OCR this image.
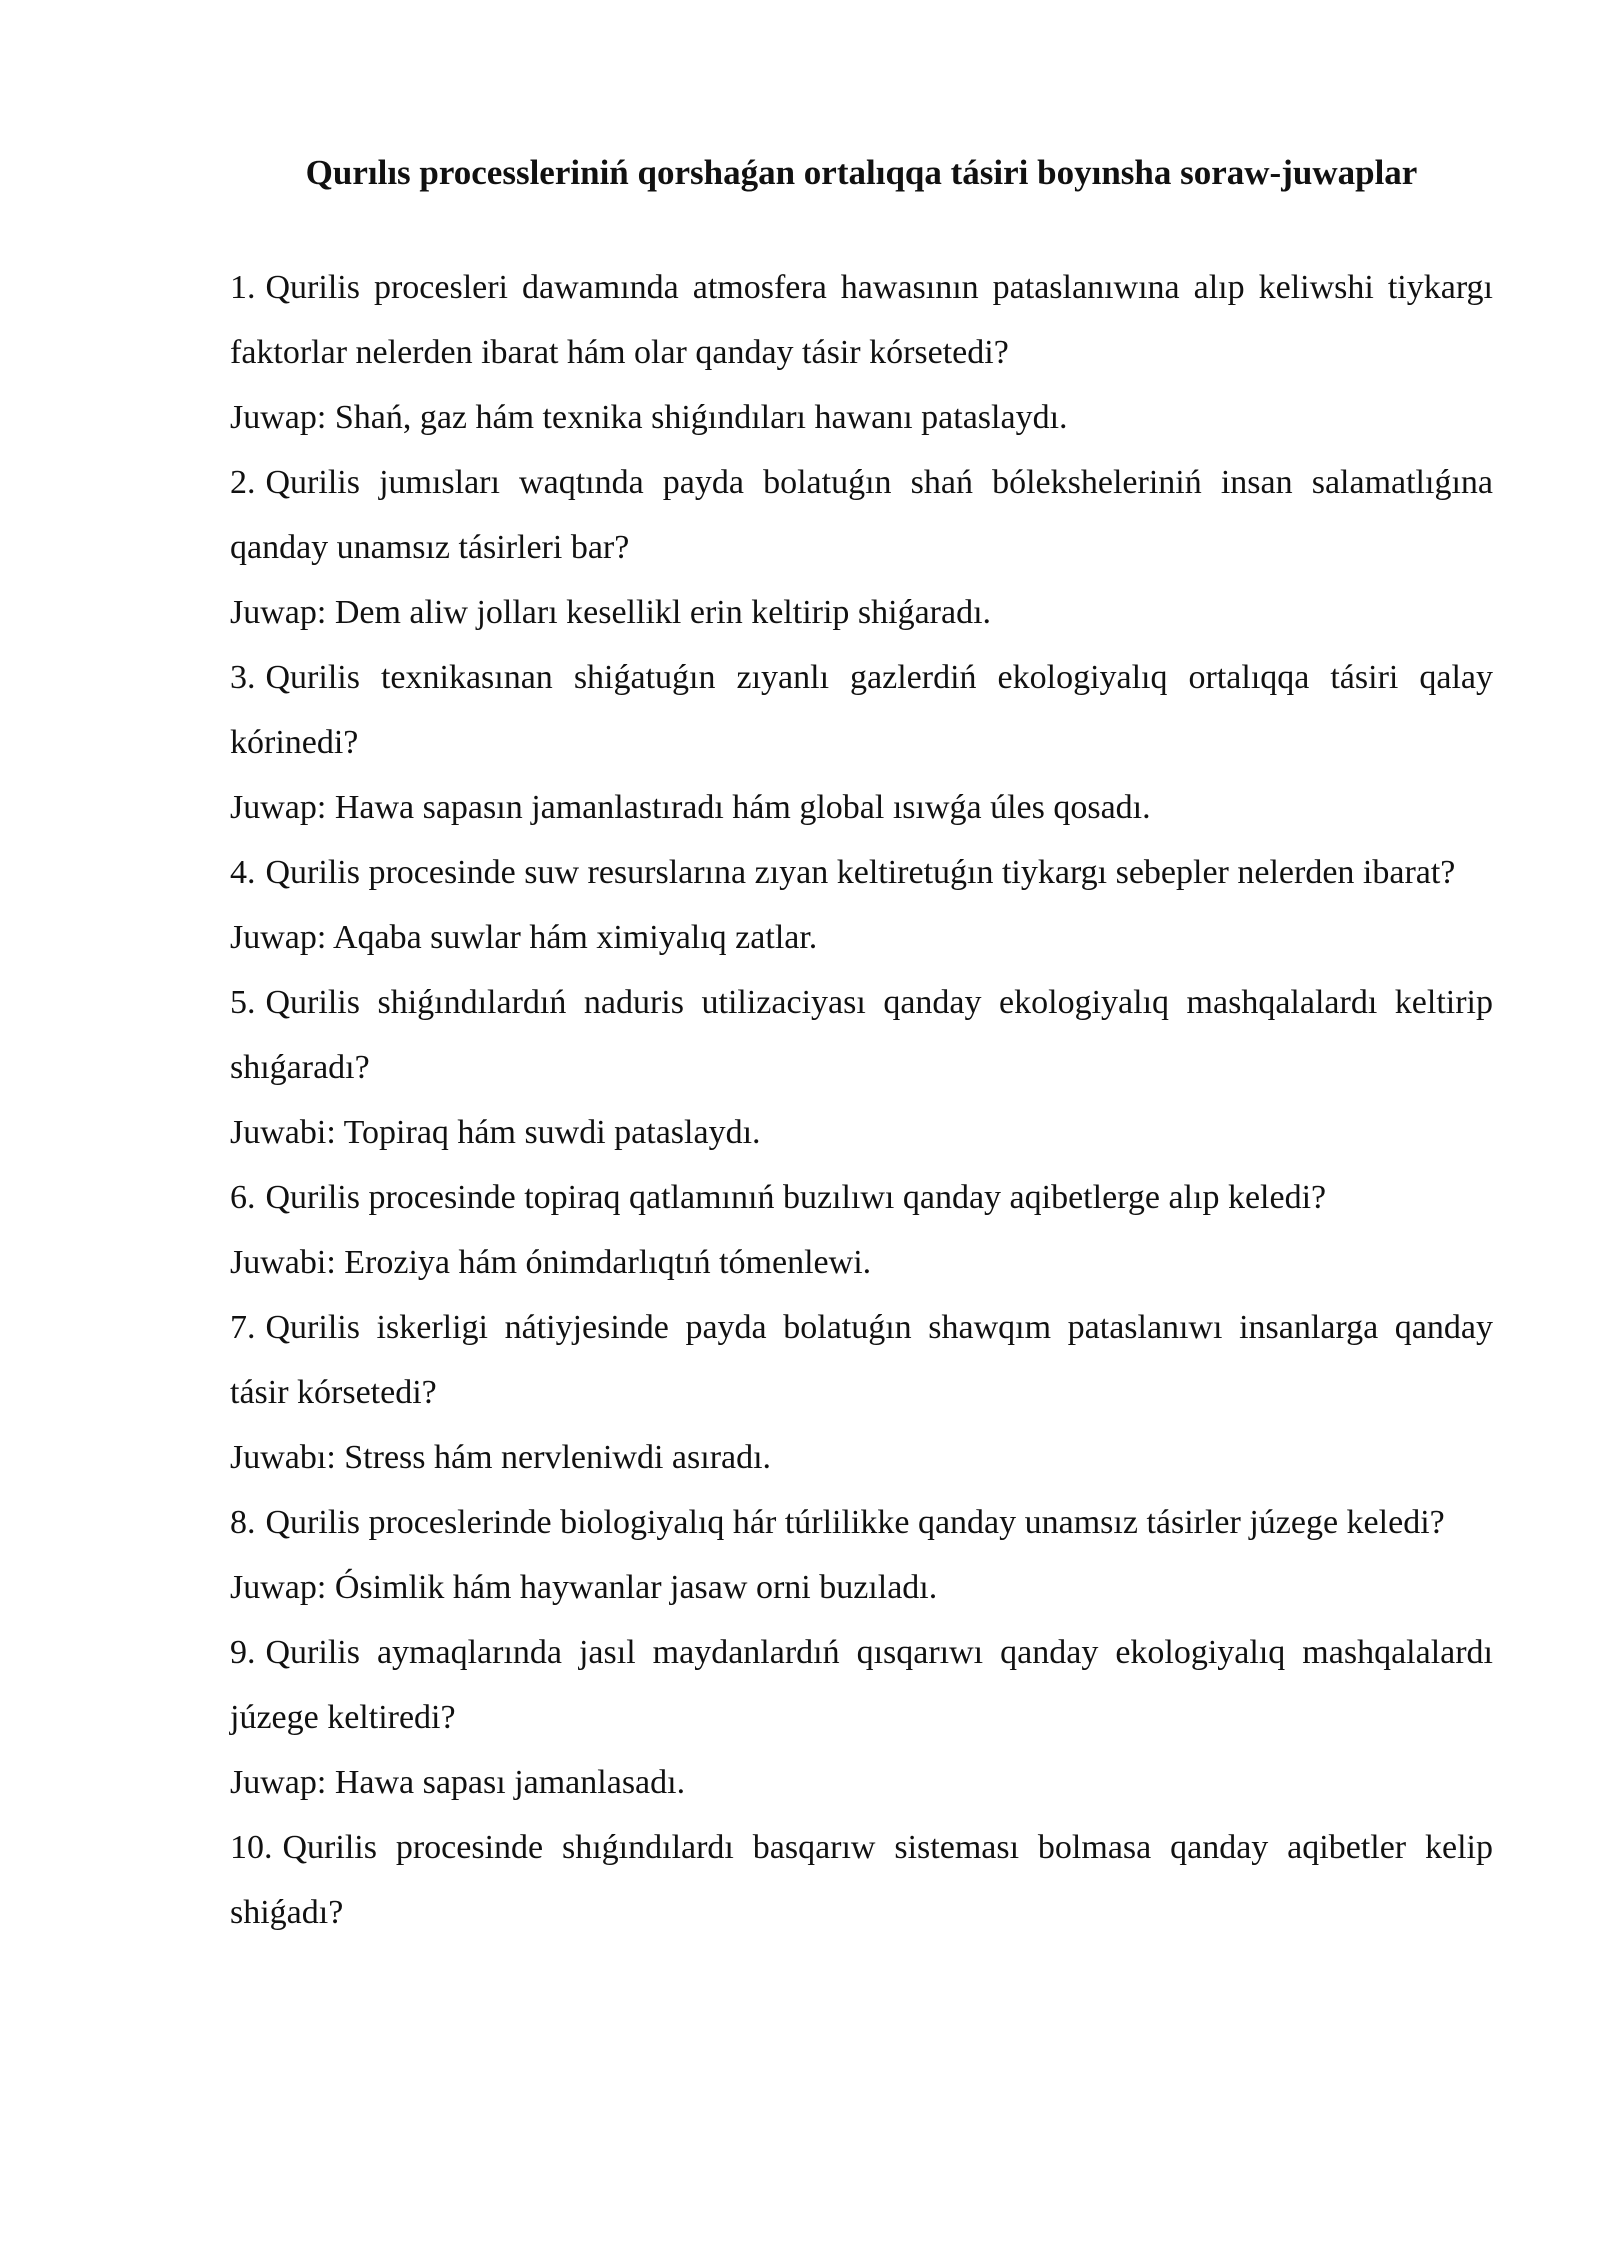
Qurılıs processleriniń qorshaǵan ortalıqqa tásiri boyınsha soraw-juwaplar

1. Qurilis procesleri dawamında atmosfera hawasının pataslanıwına alıp keliwshi tiykargı faktorlar nelerden ibarat hám olar qanday tásir kórsetedi?

Juwap: Shań, gaz hám texnika shiǵındıları hawanı pataslaydı.

2. Qurilis jumısları waqtında payda bolatuǵın shań bóleksheleriniń insan salamatlıǵına qanday unamsız tásirleri bar?

Juwap: Dem aliw jolları kesellikl erin keltirip shiǵaradı.

3. Qurilis texnikasınan shiǵatuǵın zıyanlı gazlerdiń ekologiyalıq ortalıqqa tásiri qalay kórinedi?

Juwap: Hawa sapasın jamanlastıradı hám global ısıwǵa úles qosadı.

4. Qurilis procesinde suw resurslarına zıyan keltiretuǵın tiykargı sebepler nelerden ibarat?

Juwap: Aqaba suwlar hám ximiyalıq zatlar.

5. Qurilis shiǵındılardıń naduris utilizaciyası qanday ekologiyalıq mashqalalardı keltirip shıǵaradı?

Juwabi: Topiraq hám suwdi pataslaydı.

6. Qurilis procesinde topiraq qatlamınıń buzılıwı qanday aqibetlerge alıp keledi?

Juwabi: Eroziya hám ónimdarlıqtıń tómenlewi.

7. Qurilis iskerligi nátiyjesinde payda bolatuǵın shawqım pataslanıwı insanlarga qanday tásir kórsetedi?

Juwabı: Stress hám nervleniwdi asıradı.

8. Qurilis proceslerinde biologiyalıq hár túrlilikke qanday unamsız tásirler júzege keledi?

Juwap: Ósimlik hám haywanlar jasaw orni buzıladı.

9. Qurilis aymaqlarında jasıl maydanlardıń qısqarıwı qanday ekologiyalıq mashqalalardı júzege keltiredi?

Juwap: Hawa sapası jamanlasadı.

10. Qurilis procesinde shıǵındılardı basqarıw sisteması bolmasa qanday aqibetler kelip shiǵadı?
